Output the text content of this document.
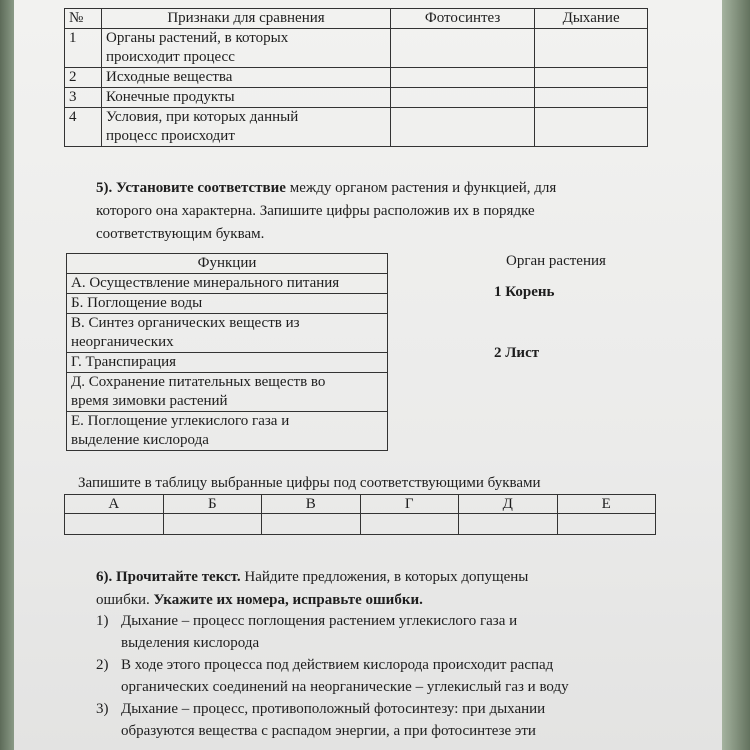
№	Признаки для сравнения	Фотосинтез	Дыхание
1	Органы растений, в которых
происходит процесс		
2	Исходные вещества		
3	Конечные продукты		
4	Условия, при которых данный
процесс происходит		
5). Установите соответствие между органом растения и функцией, для
которого она характерна. Запишите цифры расположив их в порядке
соответствующим буквам.
Функции
А. Осуществление минерального питания
Б. Поглощение воды
В. Синтез органических веществ из
неорганических
Г. Транспирация
Д. Сохранение питательных веществ во
время зимовки растений
Е. Поглощение углекислого газа и
выделение кислорода
Орган растения
1 Корень
2 Лист
Запишите в таблицу выбранные цифры под соответствующими буквами
А	Б	В	Г	Д	Е

6). Прочитайте текст. Найдите предложения, в которых допущены
ошибки. Укажите их номера, исправьте ошибки.
1) Дыхание – процесс поглощения растением углекислого газа и
выделения кислорода
2) В ходе этого процесса под действием кислорода происходит распад
органических соединений на неорганические – углекислый газ и воду
3) Дыхание – процесс, противоположный фотосинтезу: при дыхании
образуются вещества с распадом энергии, а при фотосинтезе эти
